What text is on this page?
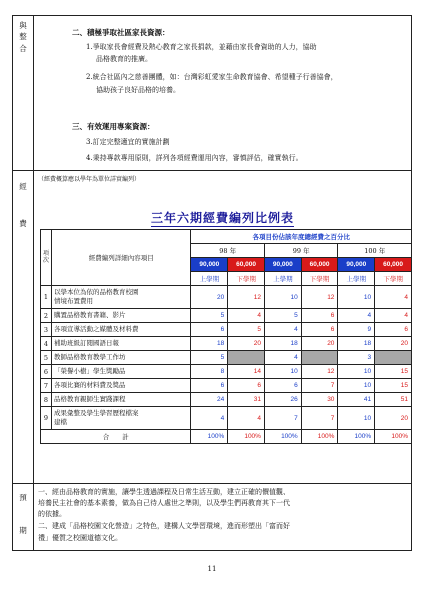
與
整
合
二、積極爭取社區家長資源：
1.爭取家長會經費及熱心教育之家長捐款，並藉由家長會資助的人力，協助
品格教育的推廣。
2.統合社區內之慈善團體，如：台灣彩虹愛家生命教育協會、希望種子行善協會，
協助孩子良好品格的培養。
三、有效運用專案資源：
3.訂定完整適宜的實施計劃
4.秉持專款專用原則，詳列各項經費運用內容，審慎評估，確實執行。
經
費
（經費概算應以學年為單位詳實編列）
三年六期經費編列比例表
項次	經費編列詳細內容項目	各項目份佔該年度總經費之百分比					
		98 年		99 年		100 年	
		90,000	60,000	90,000	60,000	90,000	60,000
		上學期	下學期	上學期	下學期	上學期	下學期
1	以學本位為依的品格教育校園
情境布置費用	20	12	10	12	10	4
2	購置品格教育書籍、影片	5	4	5	6	4	4
3	各項宣導活動之媒體及材料費	6	5	4	6	9	6
4	補助班級訂閱國語日報	18	20	18	20	18	20
5	教師品格教育教學工作坊	5		4		3	
6	「榮譽小樹」學生獎勵品	8	14	10	12	10	15
7	各項比賽的材料費及獎品	6	6	6	7	10	15
8	品格教育親師生實踐課程	24	31	26	30	41	51
9	成果彙整及學生學習歷程檔案
建檔	4	4	7	7	10	20
合　　計		100%	100%	100%	100%	100%	100%
預
期
一、經由品格教育的實施，讓學生透過課程及日常生活互動，建立正確的價值觀、
培養民主社會的基本素養，做為自己待人處世之準則，以及學生們再教育其下一代
的依據。
二、建成「品格校園文化營造」之特色，建構人文學習環境，進而形塑出「富而好
禮」優質之校園道德文化。
11
